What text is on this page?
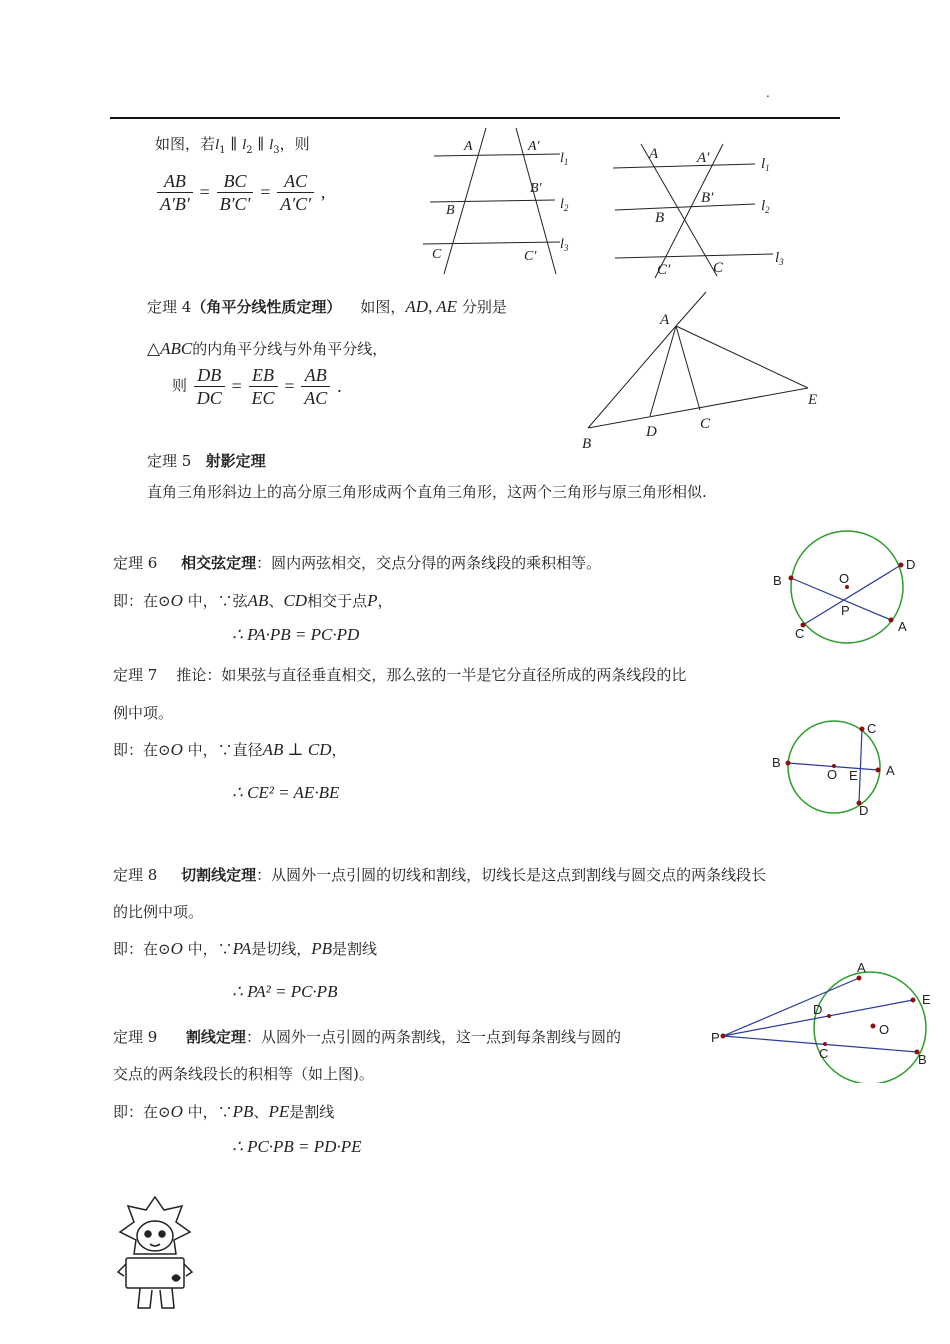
.
如图，若$l_1$ ∥ $l_2$ ∥ $l_3$，则
$\frac{AB}{A'B'} = \frac{BC}{B'C'} = \frac{AC}{A'C'}$ ,
A	A′
B
B′
C	C′
$l_1$
$l_2$
$l_3$
A	A′
B′
B
C′	C
$l_1$
$l_2$
$l_3$
定理 4（角平分线性质定理） 如图，AD, AE 分别是
△ABC的内角平分线与外角平分线，
则 $\frac{DB}{DC} = \frac{EB}{EC} = \frac{AB}{AC}$ .
A
B
D	C
E
定理 5 射影定理
直角三角形斜边上的高分原三角形成两个直角三角形，这两个三角形与原三角形相似.
定理 6 相交弦定理：圆内两弦相交，交点分得的两条线段的乘积相等。
即：在⊙O 中，∵弦AB、CD相交于点P，
∴ PA·PB = PC·PD
B
D
O
P
C	A
定理 7 推论：如果弦与直径垂直相交，那么弦的一半是它分直径所成的两条线段的比
例中项。
即：在⊙O 中，∵直径AB ⊥ CD，
∴ CE² = AE·BE
B
C
O E A
D
定理 8 切割线定理：从圆外一点引圆的切线和割线，切线长是这点到割线与圆交点的两条线段长
的比例中项。
即：在⊙O 中，∵PA是切线，PB是割线
∴ PA² = PC·PB
A
E
D
O
P
C	B
定理 9 割线定理：从圆外一点引圆的两条割线，这一点到每条割线与圆的
交点的两条线段长的积相等（如上图)。
即：在⊙O 中，∵PB、PE是割线
∴ PC·PB = PD·PE
